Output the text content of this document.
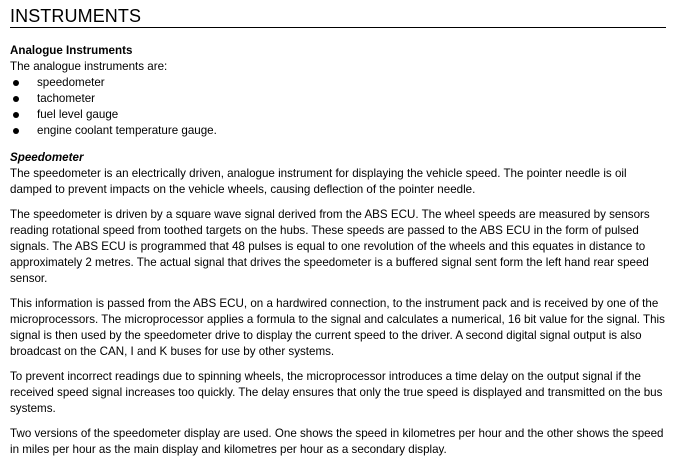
INSTRUMENTS

Analogue Instruments

The analogue instruments are:

speedometer
tachometer
fuel level gauge
engine coolant temperature gauge.

Speedometer

The speedometer is an electrically driven, analogue instrument for displaying the vehicle speed. The pointer needle is oil damped to prevent impacts on the vehicle wheels, causing deflection of the pointer needle.

The speedometer is driven by a square wave signal derived from the ABS ECU. The wheel speeds are measured by sensors reading rotational speed from toothed targets on the hubs. These speeds are passed to the ABS ECU in the form of pulsed signals. The ABS ECU is programmed that 48 pulses is equal to one revolution of the wheels and this equates in distance to approximately 2 metres. The actual signal that drives the speedometer is a buffered signal sent form the left hand rear speed sensor.

This information is passed from the ABS ECU, on a hardwired connection, to the instrument pack and is received by one of the microprocessors. The microprocessor applies a formula to the signal and calculates a numerical, 16 bit value for the signal. This signal is then used by the speedometer drive to display the current speed to the driver. A second digital signal output is also broadcast on the CAN, I and K buses for use by other systems.

To prevent incorrect readings due to spinning wheels, the microprocessor introduces a time delay on the output signal if the received speed signal increases too quickly. The delay ensures that only the true speed is displayed and transmitted on the bus systems.

Two versions of the speedometer display are used. One shows the speed in kilometres per hour and the other shows the speed in miles per hour as the main display and kilometres per hour as a secondary display.
